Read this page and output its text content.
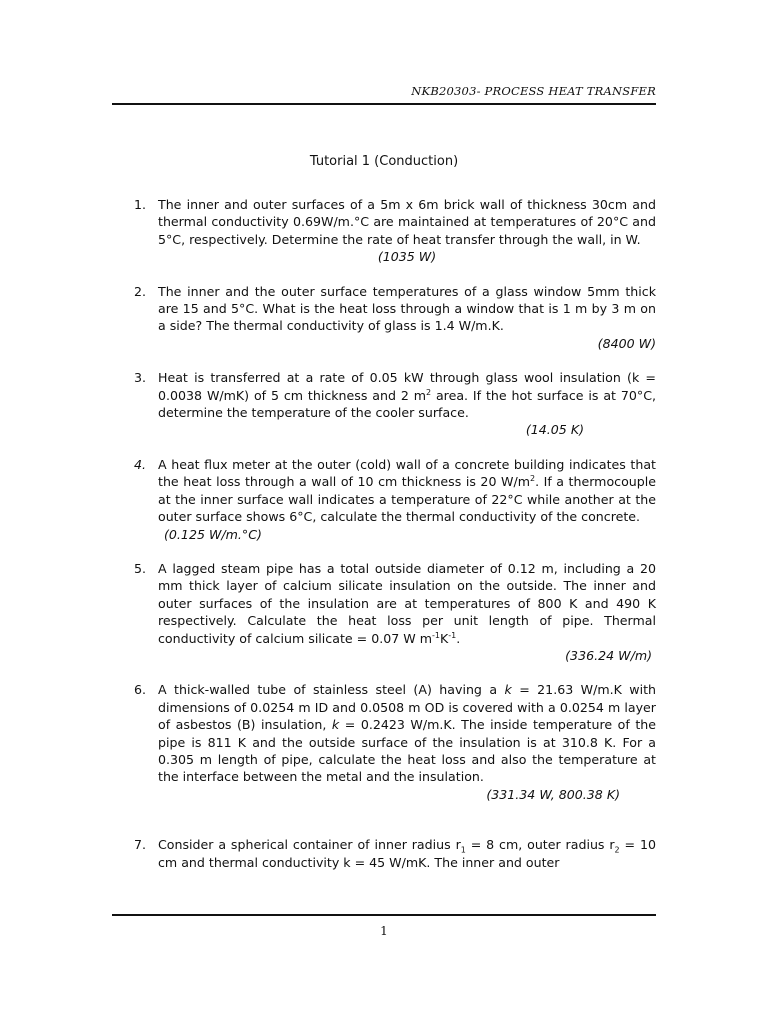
NKB20303- PROCESS HEAT TRANSFER
Tutorial 1 (Conduction)
1. The inner and outer surfaces of a 5m x 6m brick wall of thickness 30cm and thermal conductivity 0.69W/m.°C are maintained at temperatures of 20°C and 5°C, respectively. Determine the rate of heat transfer through the wall, in W.
(1035 W)
2. The inner and the outer surface temperatures of a glass window 5mm thick are 15 and 5°C. What is the heat loss through a window that is 1 m by 3 m on a side? The thermal conductivity of glass is 1.4 W/m.K.
(8400 W)
3. Heat is transferred at a rate of 0.05 kW through glass wool insulation (k = 0.0038 W/mK) of 5 cm thickness and 2 $m^2$ area. If the hot surface is at 70°C, determine the temperature of the cooler surface.
(14.05 K)
4. A heat flux meter at the outer (cold) wall of a concrete building indicates that the heat loss through a wall of 10 cm thickness is 20 $W/m^2$. If a thermocouple at the inner surface wall indicates a temperature of 22°C while another at the outer surface shows 6°C, calculate the thermal conductivity of the concrete.
(0.125 W/m.°C)
5. A lagged steam pipe has a total outside diameter of 0.12 m, including a 20 mm thick layer of calcium silicate insulation on the outside. The inner and outer surfaces of the insulation are at temperatures of 800 K and 490 K respectively. Calculate the heat loss per unit length of pipe. Thermal conductivity of calcium silicate = 0.07 W $m^{-1}K^{-1}$.
(336.24 W/m)
6. A thick-walled tube of stainless steel (A) having a k = 21.63 W/m.K with dimensions of 0.0254 m ID and 0.0508 m OD is covered with a 0.0254 m layer of asbestos (B) insulation, k = 0.2423 W/m.K. The inside temperature of the pipe is 811 K and the outside surface of the insulation is at 310.8 K. For a 0.305 m length of pipe, calculate the heat loss and also the temperature at the interface between the metal and the insulation.
(331.34 W, 800.38 K)
7. Consider a spherical container of inner radius $r_1 = 8$ cm, outer radius $r_2 = 10$ cm and thermal conductivity k = 45 W/mK. The inner and outer
1
